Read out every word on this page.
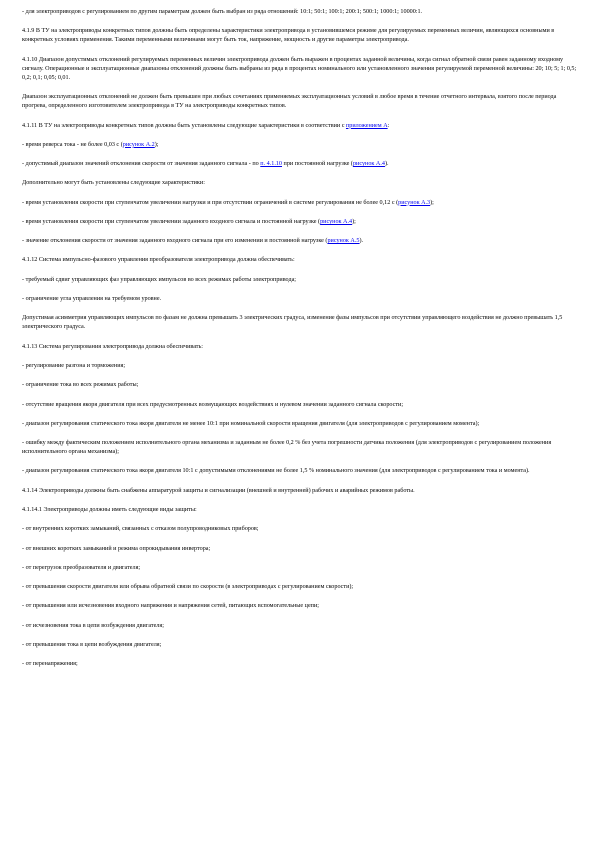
- для электроприводов с регулированием по другим параметрам должен быть выбран из ряда отношений: 10:1; 50:1; 100:1; 200:1; 500:1; 1000:1; 10000:1.

4.1.9 В ТУ на электроприводы конкретных типов должны быть определены характеристики электропривода в установившемся режиме для регулируемых переменных величин, являющихся основными в конкретных условиях применения. Такими переменными величинами могут быть ток, напряжение, мощность и другие параметры электропривода.

4.1.10 Диапазон допустимых отклонений регулируемых переменных величин электропривода должен быть выражен в процентах заданной величины, когда сигнал обратной связи равен заданному входному сигналу. Операционные и эксплуатационные диапазоны отклонений должны быть выбраны из ряда в процентах номинального или установленного значения регулируемой переменной величины: 20; 10; 5; 1; 0,5; 0,2; 0,1; 0,05; 0,01.

Диапазон эксплуатационных отклонений не должен быть превышен при любых сочетаниях применяемых эксплуатационных условий в любое время в течение отчетного интервала, взятого после периода прогрева, определенного изготовителем электропривода в ТУ на электроприводы конкретных типов.

4.1.11 В ТУ на электроприводы конкретных типов должны быть установлены следующие характеристики в соответствии с приложением А:

- время реверса тока - не более 0,03 с (рисунок А.2);

- допустимый диапазон значений отклонения скорости от значения заданного сигнала - по п. 4.1.10 при постоянной нагрузке (рисунок А.4).

Дополнительно могут быть установлены следующие характеристики:

- время установления скорости при ступенчатом увеличении нагрузки и при отсутствии ограничений в системе регулирования не более 0,12 с (рисунок А.3);

- время установления скорости при ступенчатом увеличении заданного входного сигнала и постоянной нагрузке (рисунок А.4);

- значение отклонения скорости от значения заданного входного сигнала при его изменении и постоянной нагрузке (рисунок А.5).

4.1.12 Система импульсно-фазового управления преобразователя электропривода должна обеспечивать:

- требуемый сдвиг управляющих фаз управляющих импульсов во всех режимах работы электропривода;

- ограничение угла управления на требуемом уровне.

Допустимая асимметрия управляющих импульсов по фазам не должна превышать 3 электрических градуса, изменение фазы импульсов при отсутствии управляющего воздействия не должно превышать 1,5 электрического градуса.

4.1.13 Система регулирования электропривода должна обеспечивать:

- регулирование разгона и торможения;

- ограничение тока во всех режимах работы;

- отсутствие вращения якоря двигателя при всех предусмотренных возмущающих воздействиях и нулевом значении заданного сигнала скорости;

- диапазон регулирования статического тока якоря двигателя не менее 10:1 при номинальной скорости вращения двигателя (для электроприводов с регулированием момента);

- ошибку между фактическим положением исполнительного органа механизма и заданным не более 0,2 % без учета погрешности датчика положения (для электроприводов с регулированием положения исполнительного органа механизма);

- диапазон регулирования статического тока якоря двигателя 10:1 с допустимыми отклонениями не более 1,5 % номинального значения (для электроприводов с регулированием тока и момента).

4.1.14 Электроприводы должны быть снабжены аппаратурой защиты и сигнализации (внешней и внутренней) рабочих и аварийных режимов работы.

4.1.14.1 Электроприводы должны иметь следующие виды защиты:

- от внутренних коротких замыканий, связанных с отказом полупроводниковых приборов;

- от внешних коротких замыканий и режима опрокидывания инвертора;

- от перегрузок преобразователя и двигателя;

- от превышения скорости двигателя или обрыва обратной связи по скорости (в электроприводах с регулированием скорости);

- от превышения или исчезновения входного напряжения и напряжения сетей, питающих вспомогательные цепи;

- от исчезновения тока в цепи возбуждения двигателя;

- от превышения тока в цепи возбуждения двигателя;

- от перенапряжения;
